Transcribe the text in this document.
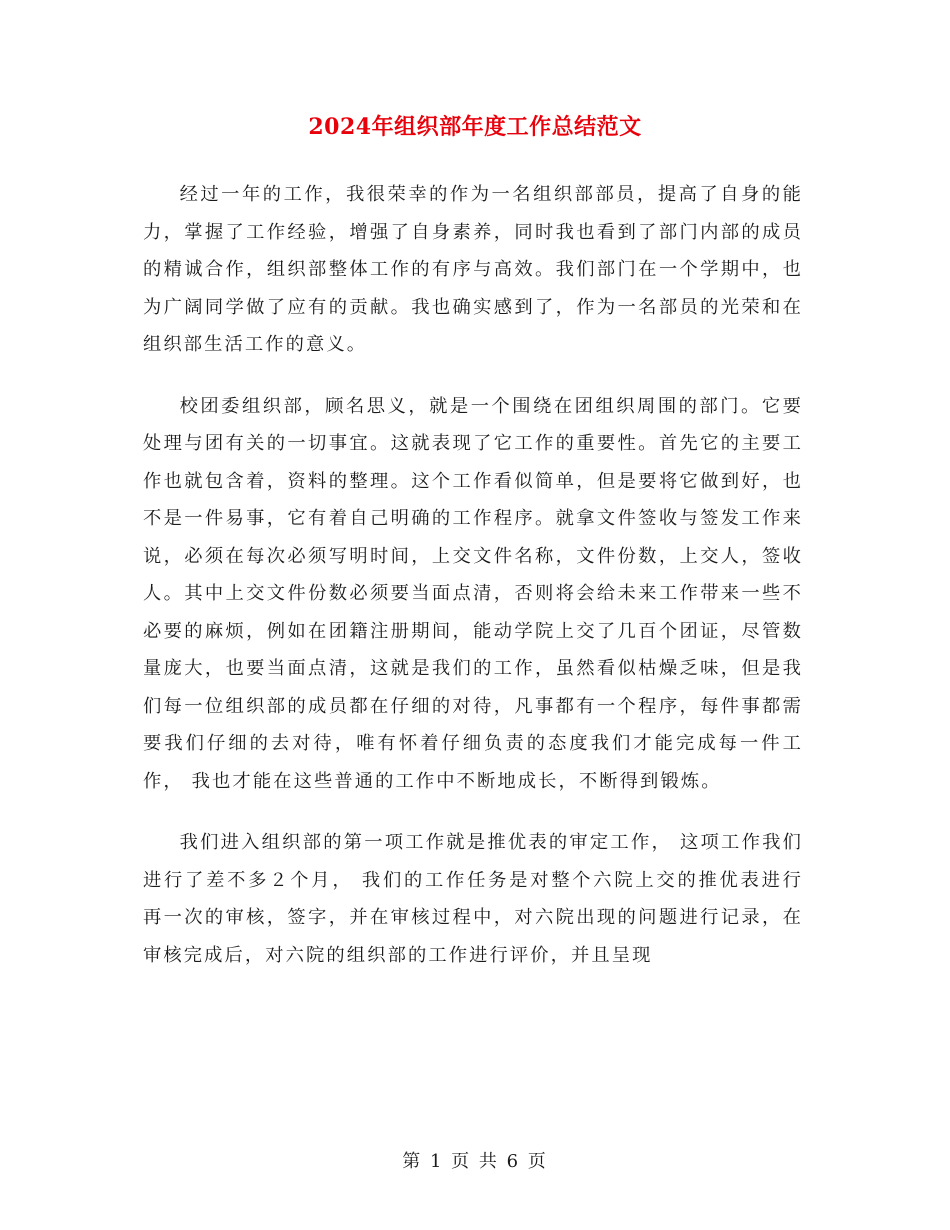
2024年组织部年度工作总结范文

经过一年的工作，我很荣幸的作为一名组织部部员，提高了自身的能力，掌握了工作经验，增强了自身素养，同时我也看到了部门内部的成员的精诚合作，组织部整体工作的有序与高效。我们部门在一个学期中，也为广阔同学做了应有的贡献。我也确实感到了，作为一名部员的光荣和在组织部生活工作的意义。

校团委组织部，顾名思义，就是一个围绕在团组织周围的部门。它要处理与团有关的一切事宜。这就表现了它工作的重要性。首先它的主要工作也就包含着，资料的整理。这个工作看似简单，但是要将它做到好，也不是一件易事，它有着自己明确的工作程序。就拿文件签收与签发工作来说，必须在每次必须写明时间，上交文件名称，文件份数，上交人，签收人。其中上交文件份数必须要当面点清，否则将会给未来工作带来一些不必要的麻烦，例如在团籍注册期间，能动学院上交了几百个团证，尽管数量庞大，也要当面点清，这就是我们的工作，虽然看似枯燥乏味，但是我们每一位组织部的成员都在仔细的对待，凡事都有一个程序，每件事都需要我们仔细的去对待，唯有怀着仔细负责的态度我们才能完成每一件工作， 我也才能在这些普通的工作中不断地成长，不断得到锻炼。

我们进入组织部的第一项工作就是推优表的审定工作， 这项工作我们进行了差不多２个月， 我们的工作任务是对整个六院上交的推优表进行再一次的审核，签字，并在审核过程中，对六院出现的问题进行记录，在审核完成后，对六院的组织部的工作进行评价，并且呈现

第 1 页 共 6 页
